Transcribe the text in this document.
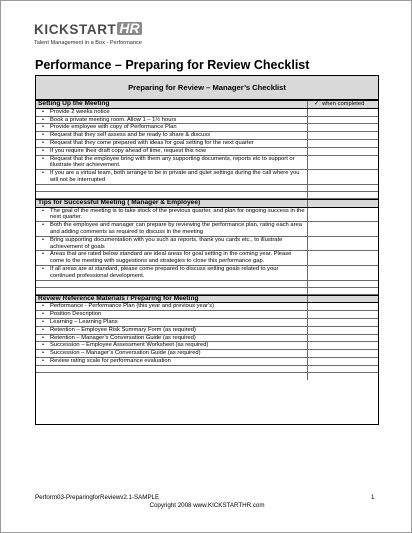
KICKSTART HR
Talent Management in a Box - Performance
Performance – Preparing for Review Checklist
Preparing for Review – Manager’s Checklist
Setting Up the Meeting	✓ when completed
•	Provide 2 weeks notice
•	Book a private meeting room. Allow 1 – 1½ hours
•	Provide employee with copy of Performance Plan
•	Request that they self assess and be ready to share & discuss
•	Request that they come prepared with ideas for goal setting for the next quarter
•	If you require their draft copy ahead of time, request this now
•	Request that the employee bring with them any supporting documents, reports etc to support or illustrate their achievement.
•	If you are a virtual team, both arrange to be in private and quiet settings during the call where you will not be interrupted
Tips for Successful Meeting ( Manager & Employee)
•	The goal of the meeting is to take stock of the previous quarter, and plan for ongoing success in the next quarter.
•	Both the employee and manager can prepare by reviewing the performance plan, rating each area and adding comments as required to discuss in the meeting
•	Bring supporting documentation with you such as reports, thank you cards etc., to illustrate achievement of goals
•	Areas that are rated below standard are ideal areas for goal setting in the coming year. Please come to the meeting with suggestions and strategies to close this performance gap.
•	If all areas are at standard, please come prepared to discuss setting goals related to your continued professional development.
Review Reference Materials / Preparing for Meeting
•	Performance - Performance Plan (this year and previous year’s)
•	Position Description
•	Learning – Learning Plans
•	Retention – Employee Risk Summary Form (as required)
•	Retention – Manager’s Conversation Guide (as required)
•	Succession – Employee Assessment Worksheet (as required)
•	Succession – Manager’s Conversation Guide (as required)
•	Review rating scale for performance evaluation
Perform03-PreparingforReviewv2.1-SAMPLE	1
Copyright 2008 www.KICKSTARTHR.com
